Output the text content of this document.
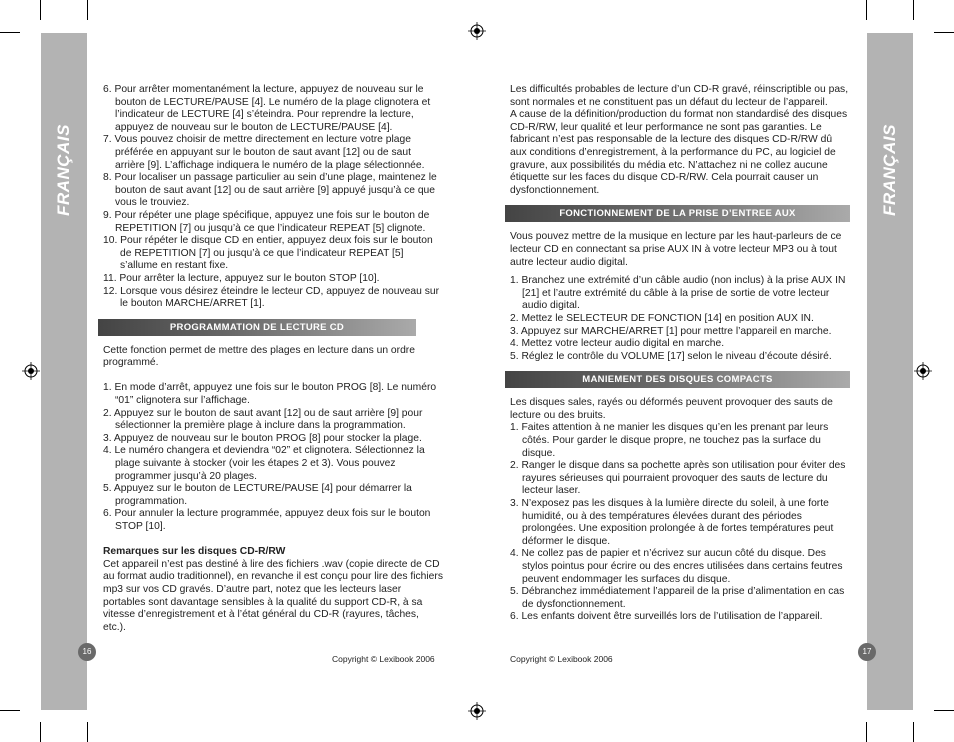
FRANÇAIS	FRANÇAIS

6. Pour arrêter momentanément la lecture, appuyez de nouveau sur le bouton de LECTURE/PAUSE [4]. Le numéro de la plage clignotera et l’indicateur de LECTURE [4] s’éteindra. Pour reprendre la lecture, appuyez de nouveau sur le bouton de LECTURE/PAUSE [4].

7. Vous pouvez choisir de mettre directement en lecture votre plage préférée en appuyant sur le bouton de saut avant [12] ou de saut arrière [9]. L’affichage indiquera le numéro de la plage sélectionnée.

8. Pour localiser un passage particulier au sein d’une plage, maintenez le bouton de saut avant [12] ou de saut arrière [9] appuyé jusqu’à ce que vous le trouviez.

9. Pour répéter une plage spécifique, appuyez une fois sur le bouton de REPETITION [7] ou jusqu’à ce que l’indicateur REPEAT [5] clignote.

10. Pour répéter le disque CD en entier, appuyez deux fois sur le bouton de REPETITION [7] ou jusqu’à ce que l’indicateur REPEAT [5] s’allume en restant fixe.

11. Pour arrêter la lecture, appuyez sur le bouton STOP [10].

12. Lorsque vous désirez éteindre le lecteur CD, appuyez de nouveau sur le bouton MARCHE/ARRET [1].

PROGRAMMATION DE LECTURE CD

Cette fonction permet de mettre des plages en lecture dans un ordre programmé.

1. En mode d’arrêt, appuyez une fois sur le bouton PROG [8]. Le numéro “01” clignotera sur l’affichage.

2. Appuyez sur le bouton de saut avant [12] ou de saut arrière [9] pour sélectionner la première plage à inclure dans la programmation.

3. Appuyez de nouveau sur le bouton PROG [8] pour stocker la plage.

4. Le numéro changera et deviendra “02” et clignotera. Sélectionnez la plage suivante à stocker (voir les étapes 2 et 3). Vous pouvez programmer jusqu’à 20 plages.

5. Appuyez sur le bouton de LECTURE/PAUSE [4] pour démarrer la programmation.

6. Pour annuler la lecture programmée, appuyez deux fois sur le bouton STOP [10].

Remarques sur les disques CD-R/RW

Cet appareil n’est pas destiné à lire des fichiers .wav (copie directe de CD au format audio traditionnel), en revanche il est conçu pour lire des fichiers mp3 sur vos CD gravés. D’autre part, notez que les lecteurs laser portables sont davantage sensibles à la qualité du support CD-R, à sa vitesse d’enregistrement et à l’état général du CD-R (rayures, tâches, etc.).

Les difficultés probables de lecture d’un CD-R gravé, réinscriptible ou pas, sont normales et ne constituent pas un défaut du lecteur de l’appareil.

A cause de la définition/production du format non standardisé des disques CD-R/RW, leur qualité et leur performance ne sont pas garanties. Le fabricant n’est pas responsable de la lecture des disques CD-R/RW dû aux conditions d’enregistrement, à la performance du PC, au logiciel de gravure, aux possibilités du média etc. N’attachez ni ne collez aucune étiquette sur les faces du disque CD-R/RW. Cela pourrait causer un dysfonctionnement.

FONCTIONNEMENT DE LA PRISE D’ENTREE AUX

Vous pouvez mettre de la musique en lecture par les haut-parleurs de ce lecteur CD en connectant sa prise AUX IN à votre lecteur MP3 ou à tout autre lecteur audio digital.

1. Branchez une extrémité d’un câble audio (non inclus) à la prise AUX IN [21] et l’autre extrémité du câble à la prise de sortie de votre lecteur audio digital.

2. Mettez le SELECTEUR DE FONCTION [14] en position AUX IN.

3. Appuyez sur MARCHE/ARRET [1] pour mettre l’appareil en marche.

4. Mettez votre lecteur audio digital en marche.

5. Réglez le contrôle du VOLUME [17] selon le niveau d’écoute désiré.

MANIEMENT DES DISQUES COMPACTS

Les disques sales, rayés ou déformés peuvent provoquer des sauts de lecture ou des bruits.

1. Faites attention à ne manier les disques qu’en les prenant par leurs côtés. Pour garder le disque propre, ne touchez pas la surface du disque.

2. Ranger le disque dans sa pochette après son utilisation pour éviter des rayures sérieuses qui pourraient provoquer des sauts de lecture du lecteur laser.

3. N’exposez pas les disques à la lumière directe du soleil, à une forte humidité, ou à des températures élevées durant des périodes prolongées. Une exposition prolongée à de fortes températures peut déformer le disque.

4. Ne collez pas de papier et n’écrivez sur aucun côté du disque. Des stylos pointus pour écrire ou des encres utilisées dans certains feutres peuvent endommager les surfaces du disque.

5. Débranchez immédiatement l’appareil de la prise d’alimentation en cas de dysfonctionnement.

6. Les enfants doivent être surveillés lors de l’utilisation de l’appareil.

16	17
Copyright © Lexibook 2006	Copyright © Lexibook 2006
